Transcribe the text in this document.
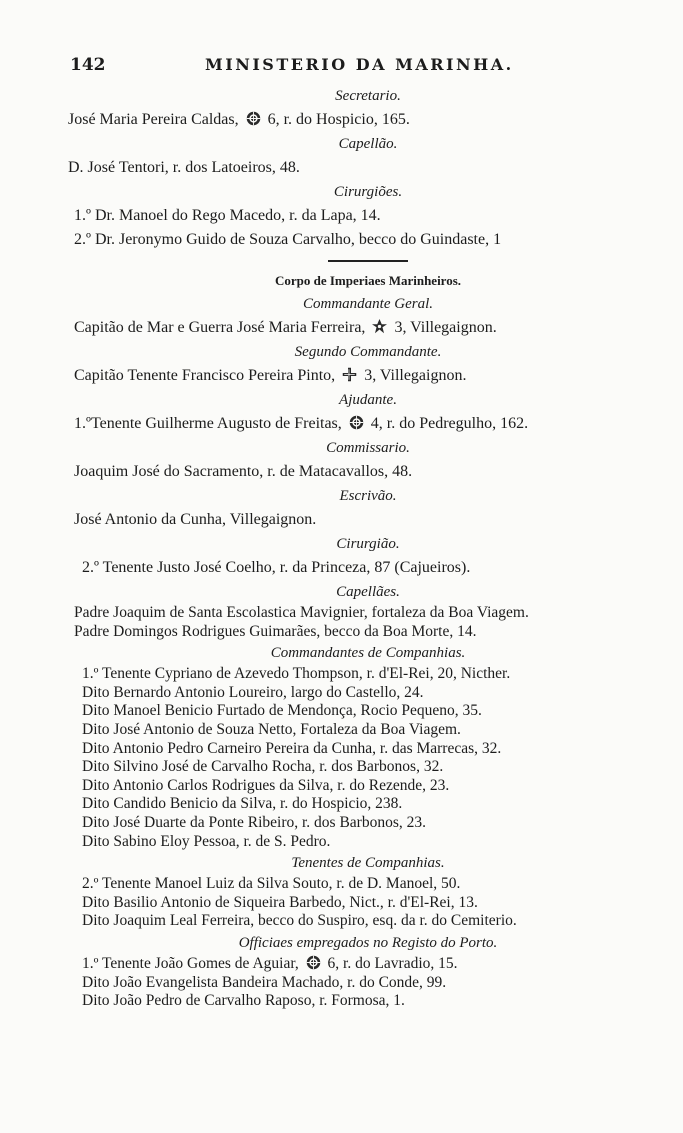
142	MINISTERIO DA MARINHA.
Secretario.
José Maria Pereira Caldas, 6, r. do Hospicio, 165.
Capellão.
D. José Tentori, r. dos Latoeiros, 48.
Cirurgiões.
1.º Dr. Manoel do Rego Macedo, r. da Lapa, 14.
2.º Dr. Jeronymo Guido de Souza Carvalho, becco do Guindaste, 1
Corpo de Imperiaes Marinheiros.
Commandante Geral.
Capitão de Mar e Guerra José Maria Ferreira, 3, Villegaignon.
Segundo Commandante.
Capitão Tenente Francisco Pereira Pinto, 3, Villegaignon.
Ajudante.
1.ºTenente Guilherme Augusto de Freitas, 4, r. do Pedregulho, 162.
Commissario.
Joaquim José do Sacramento, r. de Matacavallos, 48.
Escrivão.
José Antonio da Cunha, Villegaignon.
Cirurgião.
2.º Tenente Justo José Coelho, r. da Princeza, 87 (Cajueiros).
Capellães.
Padre Joaquim de Santa Escolastica Mavignier, fortaleza da Boa Viagem.
Padre Domingos Rodrigues Guimarães, becco da Boa Morte, 14.
Commandantes de Companhias.
1.º Tenente Cypriano de Azevedo Thompson, r. d'El-Rei, 20, Nicther.
Dito Bernardo Antonio Loureiro, largo do Castello, 24.
Dito Manoel Benicio Furtado de Mendonça, Rocio Pequeno, 35.
Dito José Antonio de Souza Netto, Fortaleza da Boa Viagem.
Dito Antonio Pedro Carneiro Pereira da Cunha, r. das Marrecas, 32.
Dito Silvino José de Carvalho Rocha, r. dos Barbonos, 32.
Dito Antonio Carlos Rodrigues da Silva, r. do Rezende, 23.
Dito Candido Benicio da Silva, r. do Hospicio, 238.
Dito José Duarte da Ponte Ribeiro, r. dos Barbonos, 23.
Dito Sabino Eloy Pessoa, r. de S. Pedro.
Tenentes de Companhias.
2.º Tenente Manoel Luiz da Silva Souto, r. de D. Manoel, 50.
Dito Basilio Antonio de Siqueira Barbedo, Nict., r. d'El-Rei, 13.
Dito Joaquim Leal Ferreira, becco do Suspiro, esq. da r. do Cemiterio.
Officiaes empregados no Registo do Porto.
1.º Tenente João Gomes de Aguiar, 6, r. do Lavradio, 15.
Dito João Evangelista Bandeira Machado, r. do Conde, 99.
Dito João Pedro de Carvalho Raposo, r. Formosa, 1.
